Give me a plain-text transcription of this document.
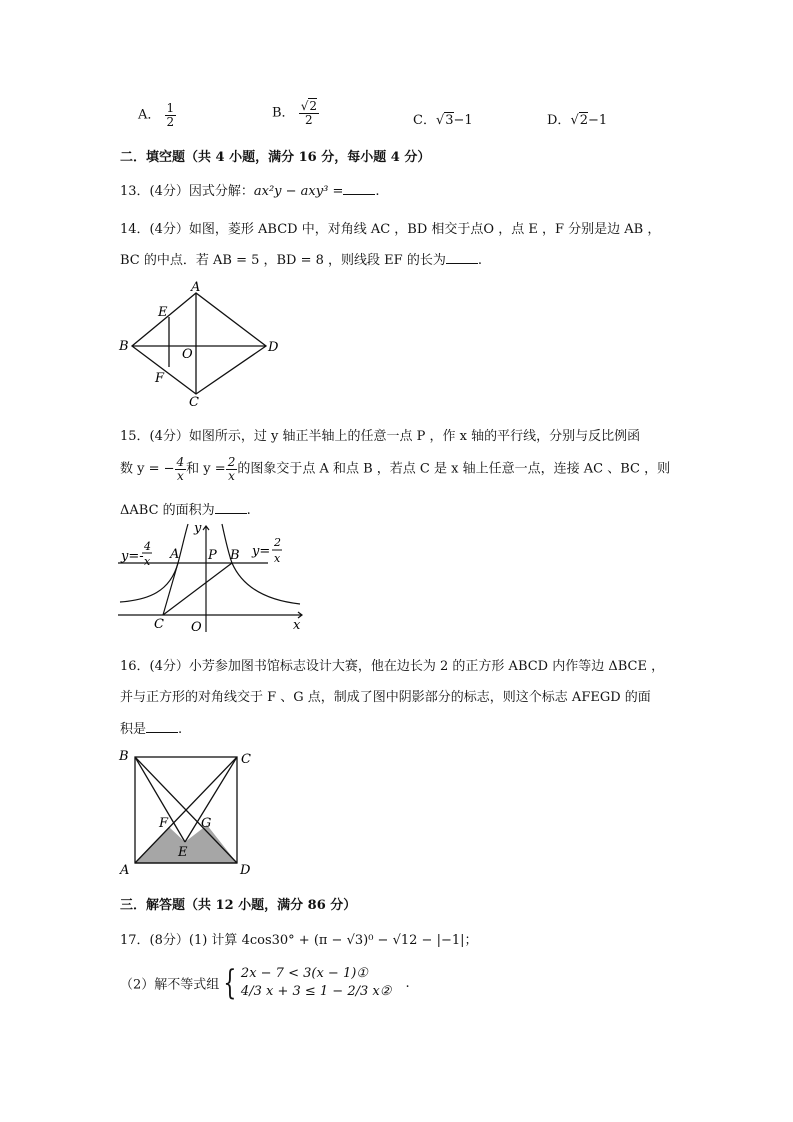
A． $\frac{1}{2}$	B． $\frac{√2}{2}$	C．√3−1	D．√2−1
二．填空题（共 4 小题，满分 16 分，每小题 4 分）
13．(4分）因式分解：ax²y − axy³ = .
14．(4分）如图，菱形 ABCD 中，对角线 AC ，BD 相交于点O ，点 E ，F 分别是边 AB ，
BC 的中点．若 AB = 5 ，BD = 8 ，则线段 EF 的长为 .
A
B
C
D
E
F
O
15．(4分）如图所示，过 y 轴正半轴上的任意一点 P ，作 x 轴的平行线，分别与反比例函
数 y = − $\frac{4}{x}$ 和 $y = \frac{2}{x}$ 的图象交于点 A 和点 B ，若点 C 是 x 轴上任意一点，连接 AC 、BC ，则
ΔABC 的面积为 .
y=-
4
x A P B y=
2
x
C O
y
x
16．(4分）小芳参加图书馆标志设计大赛，他在边长为 2 的正方形 ABCD 内作等边 ΔBCE ，
并与正方形的对角线交于 F 、G 点，制成了图中阴影部分的标志，则这个标志 AFEGD 的面
积是 .
B	C
A	D
E
F	G
三．解答题（共 12 小题，满分 86 分）
17．(8分）(1) 计算 4cos30° + (π − √3)⁰ − √12 − |−1|；
（2）解不等式组 { 2x − 7 < 3(x − 1)①
4/3 x + 3 ≤ 1 − 2/3 x②
.
